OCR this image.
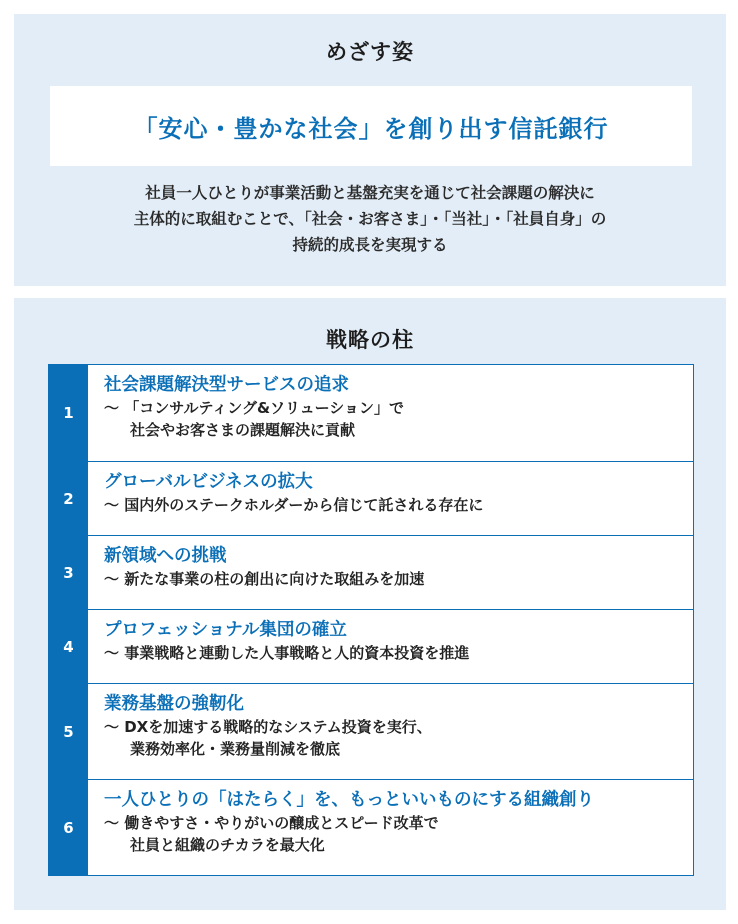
めざす姿
「安心・豊かな社会」を創り出す信託銀行
社員一人ひとりが事業活動と基盤充実を通じて社会課題の解決に
主体的に取組むことで、「社会・お客さま」・「当社」・「社員自身」の
持続的成長を実現する
戦略の柱
1
社会課題解決型サービスの追求
〜 「コンサルティング&ソリューション」で
社会やお客さまの課題解決に貢献
2
グローバルビジネスの拡大
〜 国内外のステークホルダーから信じて託される存在に
3
新領域への挑戦
〜 新たな事業の柱の創出に向けた取組みを加速
4
プロフェッショナル集団の確立
〜 事業戦略と連動した人事戦略と人的資本投資を推進
5
業務基盤の強靭化
〜 DXを加速する戦略的なシステム投資を実行、
業務効率化・業務量削減を徹底
6
一人ひとりの「はたらく」を、もっといいものにする組織創り
〜 働きやすさ・やりがいの醸成とスピード改革で
社員と組織のチカラを最大化
